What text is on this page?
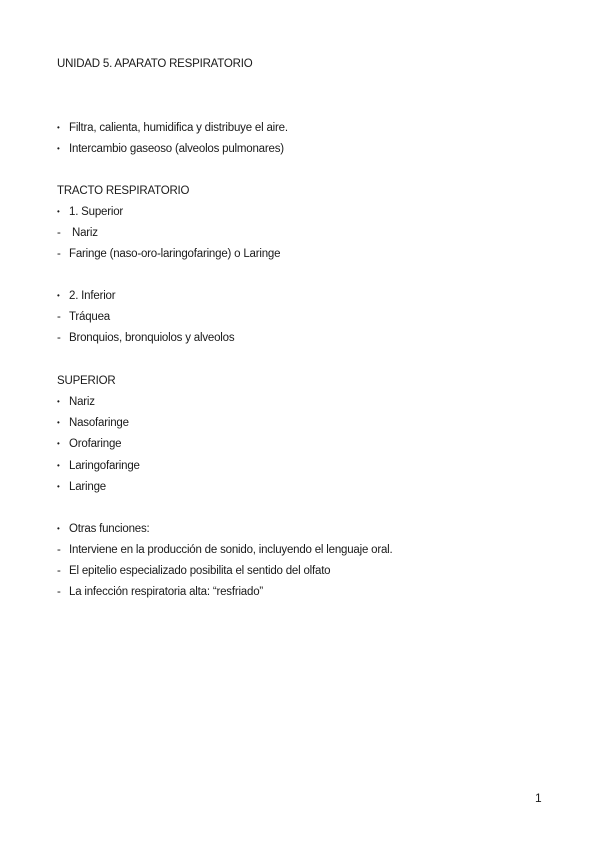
UNIDAD 5. APARATO RESPIRATORIO
• Filtra, calienta, humidifica y distribuye el aire.
• Intercambio gaseoso (alveolos pulmonares)
TRACTO RESPIRATORIO
• 1. Superior
- Nariz
- Faringe (naso-oro-laringofaringe) o Laringe
• 2. Inferior
- Tráquea
- Bronquios, bronquiolos y alveolos
SUPERIOR
• Nariz
• Nasofaringe
• Orofaringe
• Laringofaringe
• Laringe
• Otras funciones:
- Interviene en la producción de sonido, incluyendo el lenguaje oral.
- El epitelio especializado posibilita el sentido del olfato
- La infección respiratoria alta: “resfriado”
1
